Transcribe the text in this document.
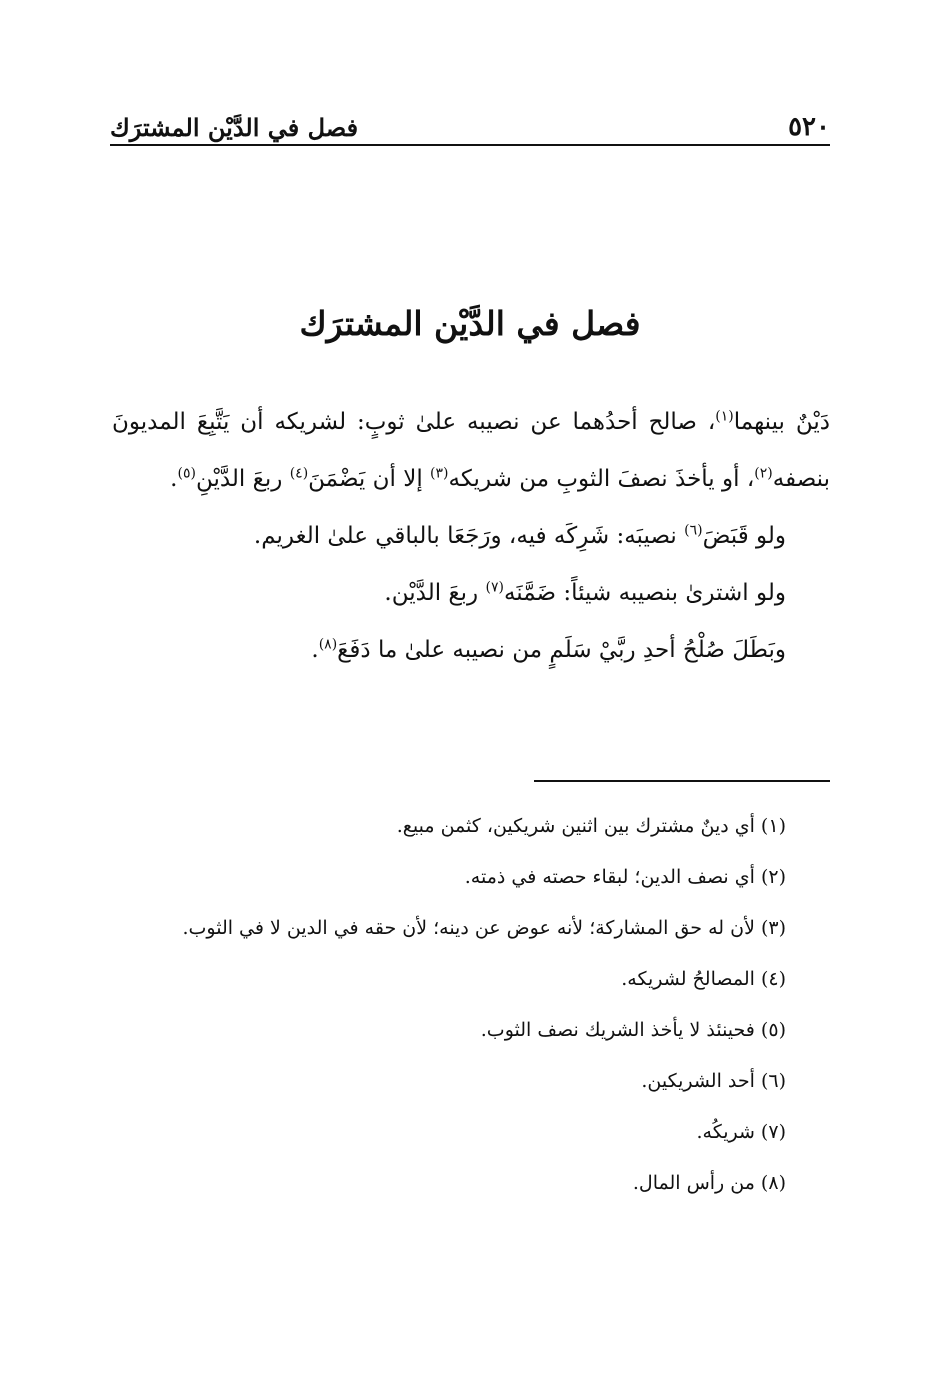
٥٢٠
فصل في الدَّيْن المشترَك
فصل في الدَّيْن المشترَك

دَيْنٌ بينهما$^{(١)}$، صالح أحدُهما عن نصيبه علىٰ ثوبٍ: لشريكه أن يَتَّبِعَ المديونَ بنصفه$^{(٢)}$، أو يأخذَ نصفَ الثوبِ من شريكه$^{(٣)}$ إلا أن يَضْمَنَ$^{(٤)}$ ربعَ الدَّيْنِ$^{(٥)}$.

ولو قَبَضَ$^{(٦)}$ نصيبَه: شَرِكَه فيه، ورَجَعَا بالباقي علىٰ الغريم.

ولو اشترىٰ بنصيبه شيئاً: ضَمَّنَه$^{(٧)}$ ربعَ الدَّيْن.

وبَطَلَ صُلْحُ أحدِ ربَّيْ سَلَمٍ من نصيبه علىٰ ما دَفَعَ$^{(٨)}$.

(١) أي دينٌ مشترك بين اثنين شريكين، كثمن مبيع.

(٢) أي نصف الدين؛ لبقاء حصته في ذمته.

(٣) لأن له حق المشاركة؛ لأنه عوض عن دينه؛ لأن حقه في الدين لا في الثوب.

(٤) المصالحُ لشريكه.

(٥) فحينئذ لا يأخذ الشريك نصف الثوب.

(٦) أحد الشريكين.

(٧) شريكُه.

(٨) من رأس المال.
